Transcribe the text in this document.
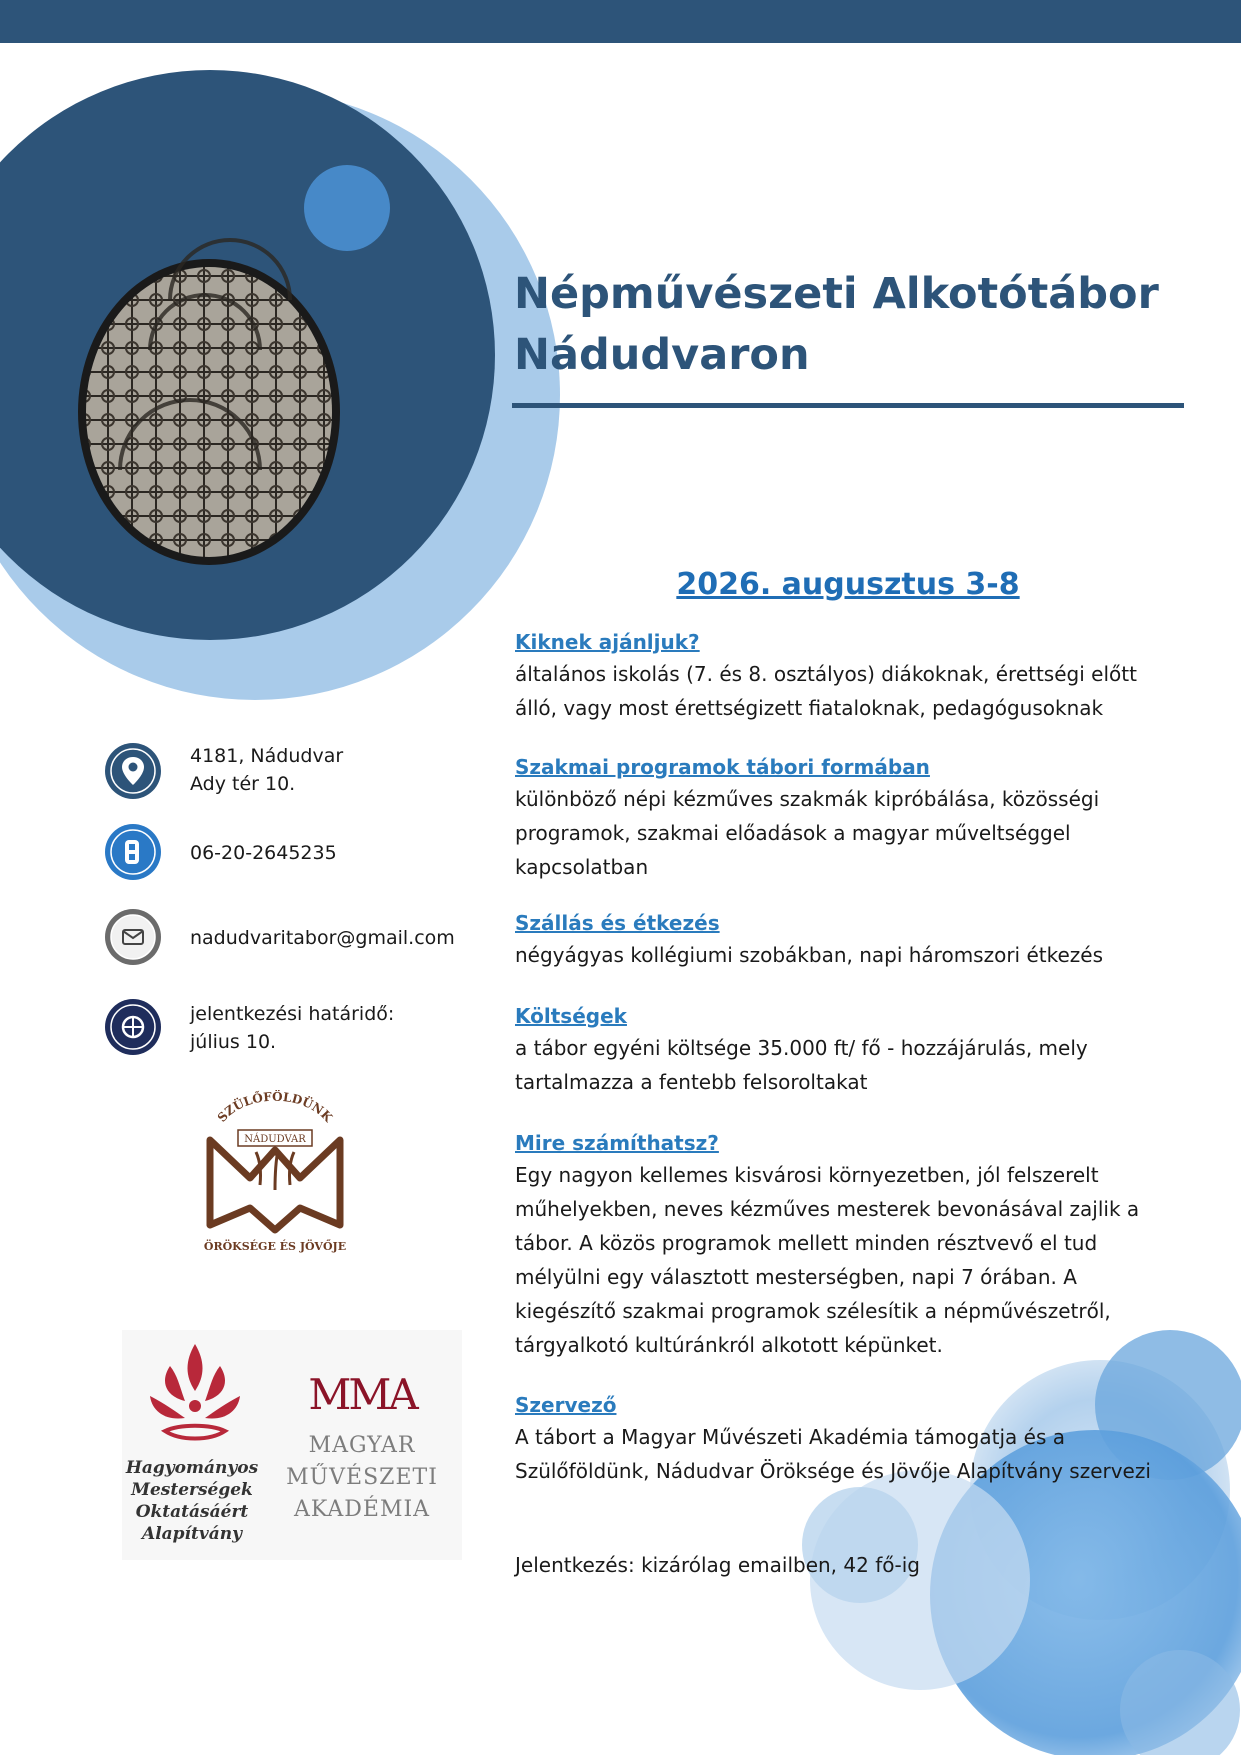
Népművészeti Alkotótábor
Nádudvaron
2026. augusztus 3-8

Kiknek ajánljuk?

általános iskolás (7. és 8. osztályos) diákoknak, érettségi előtt
álló, vagy most érettségizett fiataloknak, pedagógusoknak

Szakmai programok tábori formában

különböző népi kézműves szakmák kipróbálása, közösségi
programok, szakmai előadások a magyar műveltséggel
kapcsolatban

Szállás és étkezés

négyágyas kollégiumi szobákban, napi háromszori étkezés

Költségek

a tábor egyéni költsége 35.000 ft/ fő - hozzájárulás, mely
tartalmazza a fentebb felsoroltakat

Mire számíthatsz?

Egy nagyon kellemes kisvárosi környezetben, jól felszerelt
műhelyekben, neves kézműves mesterek bevonásával zajlik a
tábor. A közös programok mellett minden résztvevő el tud
mélyülni egy választott mesterségben, napi 7 órában. A
kiegészítő szakmai programok szélesítik a népművészetről,
tárgyalkotó kultúránkról alkotott képünket.

Szervező

A tábort a Magyar Művészeti Akadémia támogatja és a
Szülőföldünk, Nádudvar Öröksége és Jövője Alapítvány szervezi

Jelentkezés: kizárólag emailben, 42 fő-ig
4181, Nádudvar
Ady tér 10.
06-20-2645235
nadudvaritabor@gmail.com
jelentkezési határidő:
július 10.
SZÜLŐFÖLDÜNK
NÁDUDVAR
ÖRÖKSÉGE ÉS JÖVŐJE
Hagyományos
Mesterségek
Oktatásáért
Alapítvány
MMA
MAGYAR
MŰVÉSZETI
AKADÉMIA
